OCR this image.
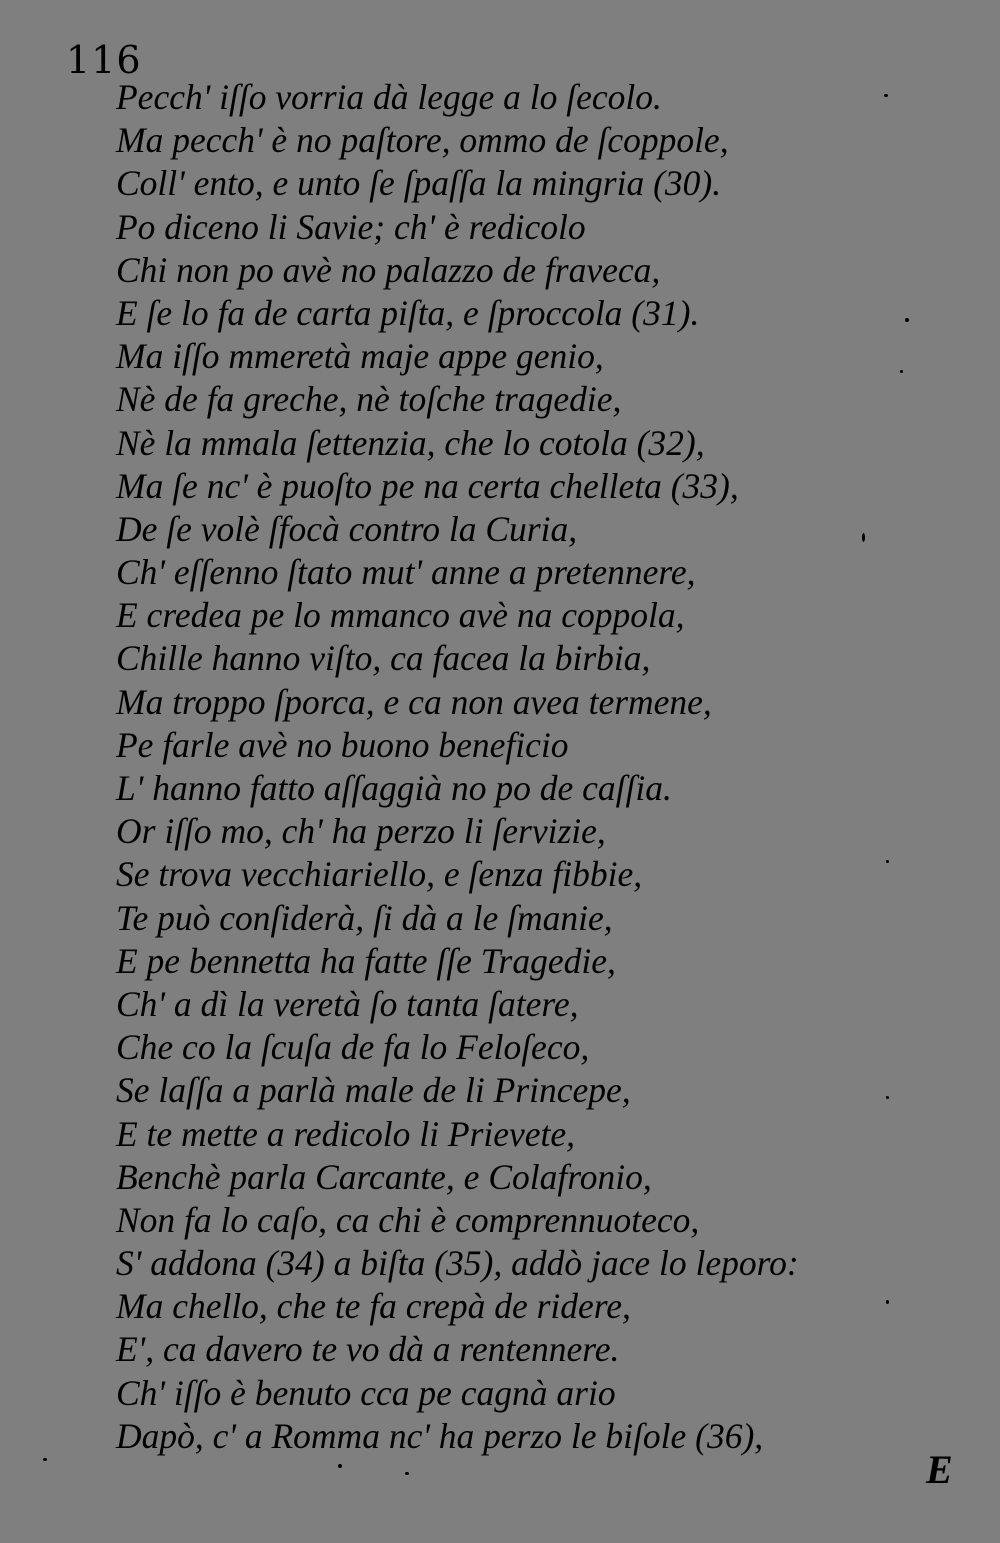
116
Pecch' iſſo vorria dà legge a lo ſecolo.
Ma pecch' è no paſtore, ommo de ſcoppole,
Coll' ento, e unto ſe ſpaſſa la mingria (30).
Po diceno li Savie; ch' è redicolo
Chi non po avè no palazzo de fraveca,
E ſe lo fa de carta piſta, e ſproccola (31).
Ma iſſo mmeretà maje appe genio,
Nè de fa greche, nè toſche tragedie,
Nè la mmala ſettenzia, che lo cotola (32),
Ma ſe nc' è puoſto pe na certa chelleta (33),
De ſe volè ſfocà contro la Curia,
Ch' eſſenno ſtato mut' anne a pretennere,
E credea pe lo mmanco avè na coppola,
Chille hanno viſto, ca facea la birbia,
Ma troppo ſporca, e ca non avea termene,
Pe farle avè no buono beneficio
L' hanno fatto aſſaggià no po de caſſia.
Or iſſo mo, ch' ha perzo li ſervizie,
Se trova vecchiariello, e ſenza fibbie,
Te può conſiderà, ſi dà a le ſmanie,
E pe bennetta ha fatte ſſe Tragedie,
Ch' a dì la veretà ſo tanta ſatere,
Che co la ſcuſa de fa lo Feloſeco,
Se laſſa a parlà male de li Princepe,
E te mette a redicolo li Prievete,
Benchè parla Carcante, e Colafronio,
Non fa lo caſo, ca chi è comprennuoteco,
S' addona (34) a biſta (35), addò jace lo leporo:
Ma chello, che te fa crepà de ridere,
E', ca davero te vo dà a rentennere.
Ch' iſſo è benuto cca pe cagnà ario
Dapò, c' a Romma nc' ha perzo le biſole (36),
E
